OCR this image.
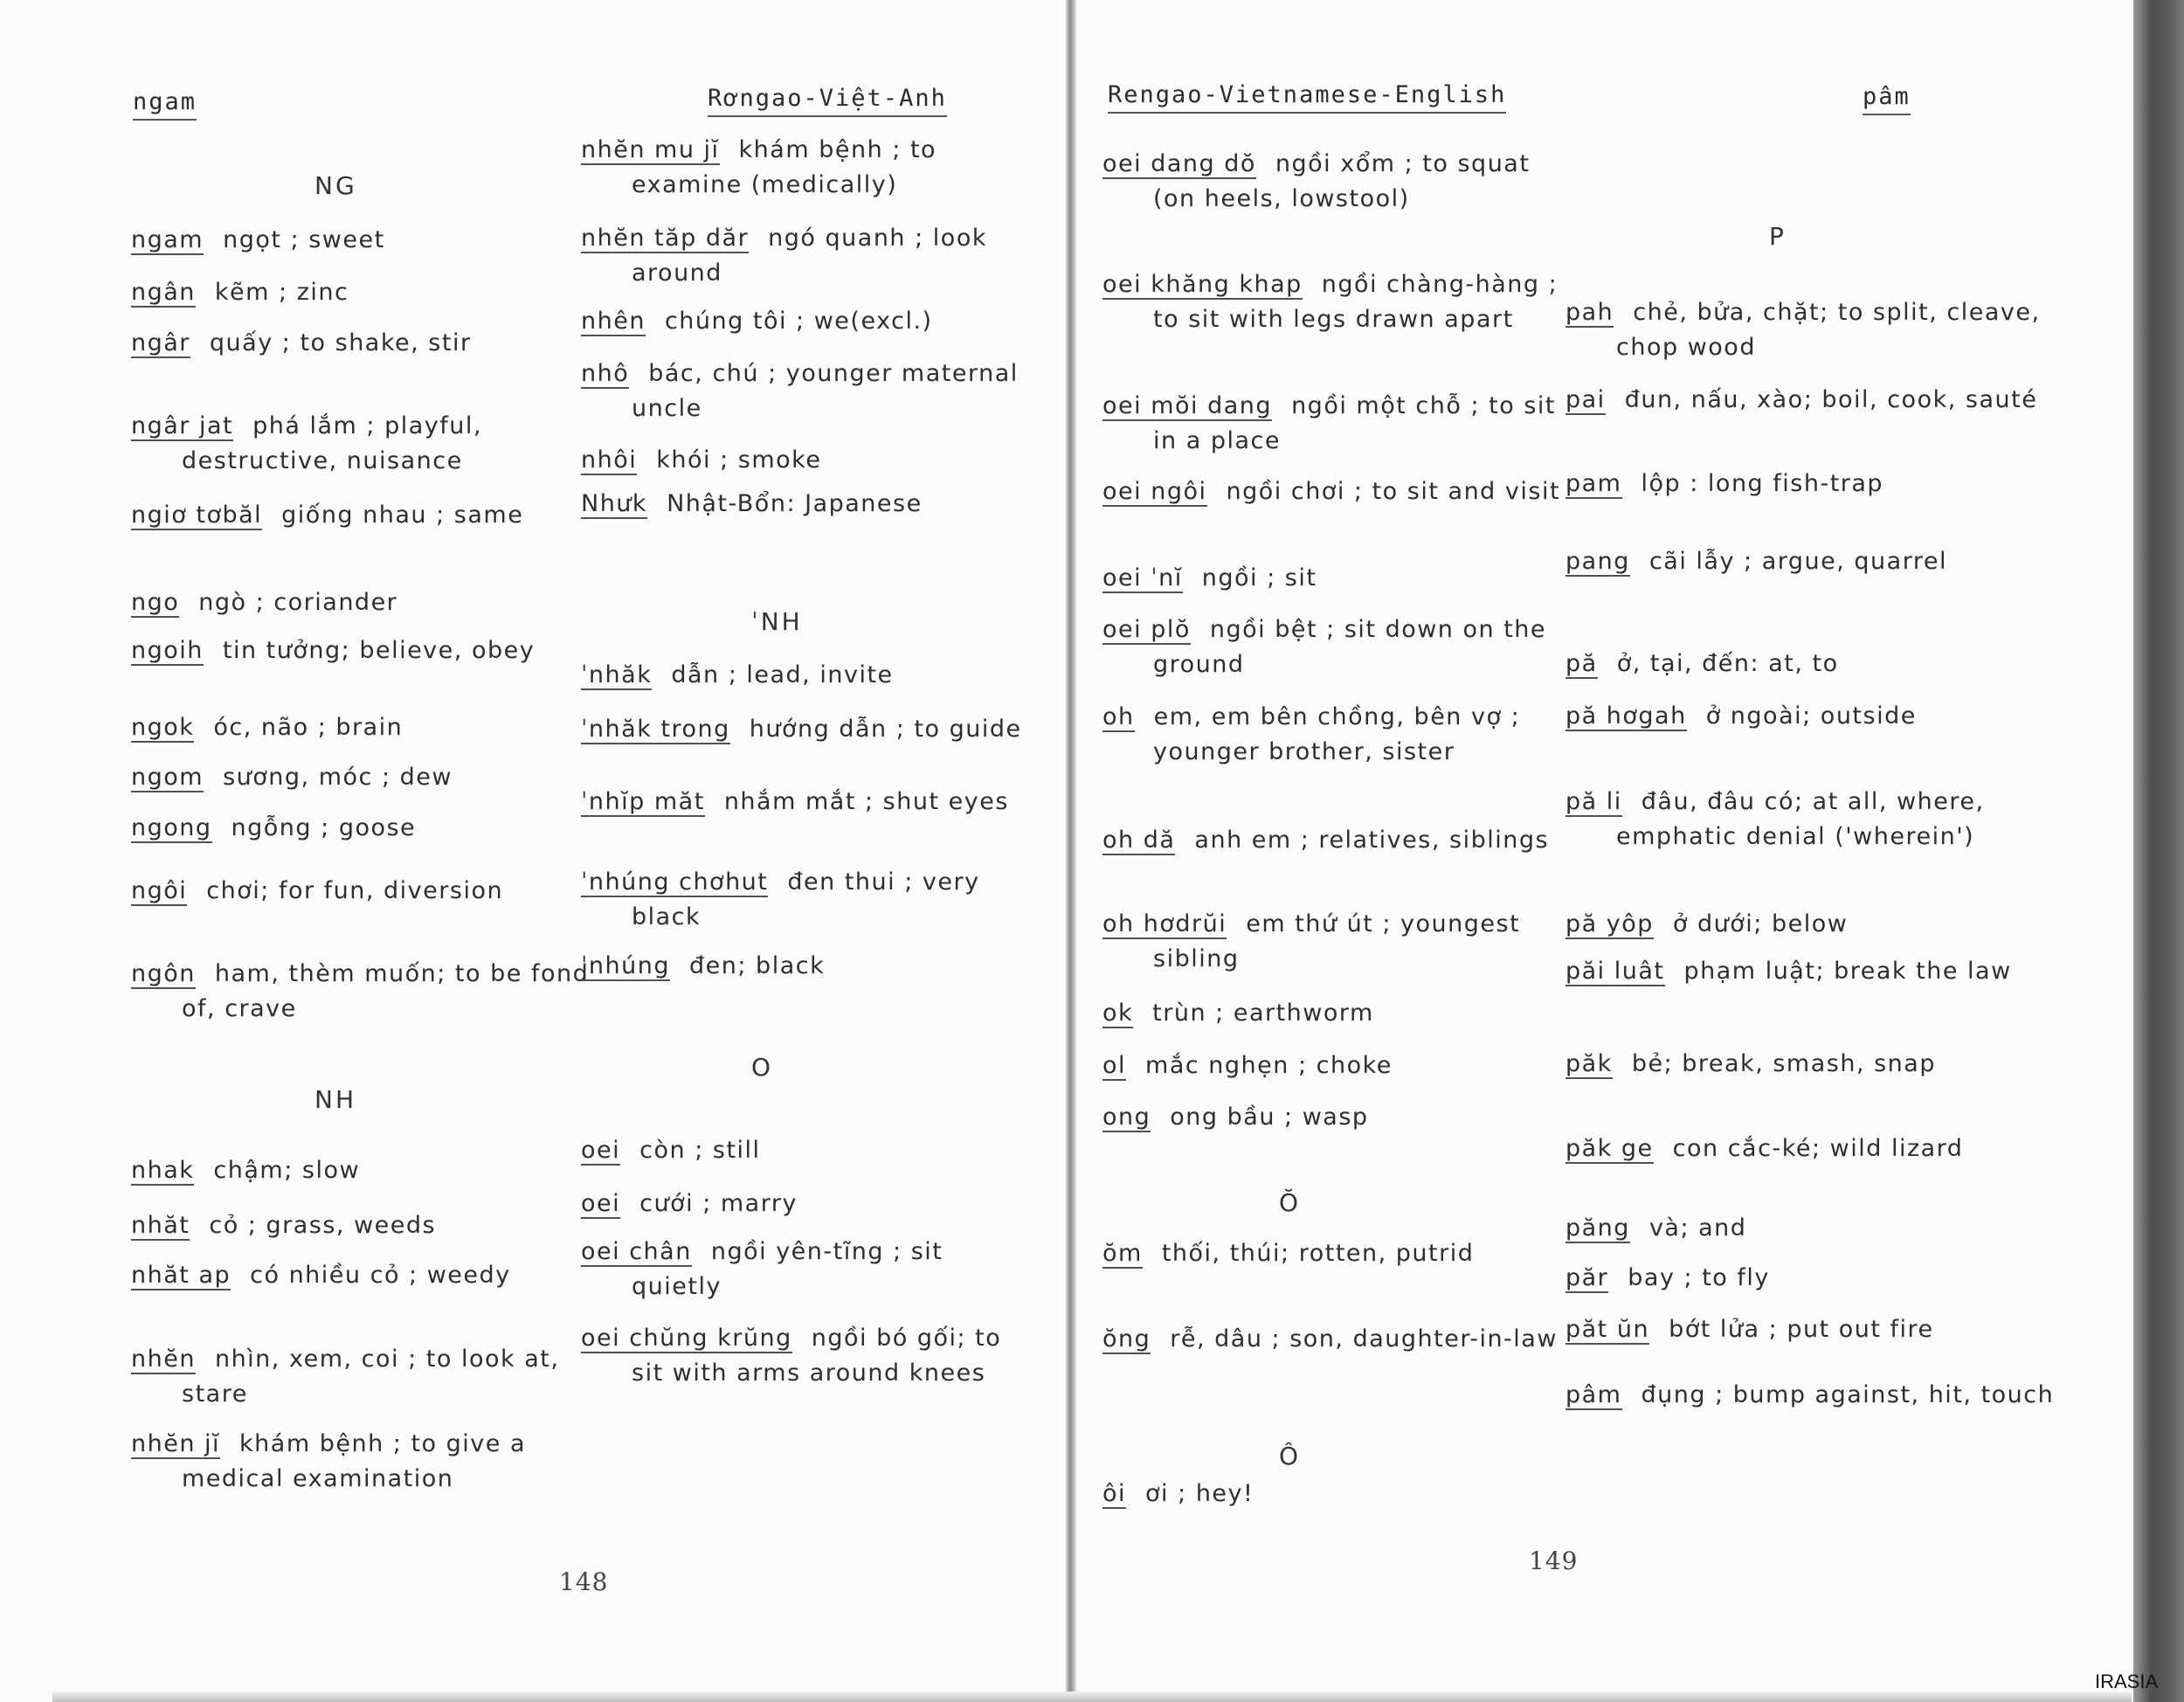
ngam	Rơngao-Việt-Anh
NG
ngam ngọt ; sweet
ngân kẽm ; zinc
ngâr quấy ; to shake, stir
ngâr jat phá lắm ; playful, destructive, nuisance
ngiơ tơbăl giống nhau ; same
ngo ngò ; coriander
ngoih tin tưởng; believe, obey
ngok óc, não ; brain
ngom sương, móc ; dew
ngong ngỗng ; goose
ngôi chơi; for fun, diversion
ngôn ham, thèm muốn; to be fond of, crave
NH
nhak chậm; slow
nhăt cỏ ; grass, weeds
nhăt ap có nhiều cỏ ; weedy
nhĕn nhìn, xem, coi ; to look at, stare
nhĕn jĭ khám bệnh ; to give a medical examination
nhĕn mu jĭ khám bệnh ; to examine (medically)
nhĕn tăp dăr ngó quanh ; look around
nhên chúng tôi ; we(excl.)
nhô bác, chú ; younger maternal uncle
nhôi khói ; smoke
Nhưk Nhật-Bổn: Japanese
ˈNH
ˈnhăk dẫn ; lead, invite
ˈnhăk trong hướng dẫn ; to guide
ˈnhĭp măt nhắm mắt ; shut eyes
ˈnhúng chơhut đen thui ; very black
ˈnhúng đen; black
O
oei còn ; still
oei cưới ; marry
oei chân ngồi yên-tĩng ; sit quietly
oei chŭng krŭng ngồi bó gối; to sit with arms around knees
148
Rengao-Vietnamese-English	pâm
oei dang dŏ ngồi xổm ; to squat (on heels, lowstool)
oei khăng khap ngồi chàng-hàng ; to sit with legs drawn apart
oei mŏi dang ngồi một chỗ ; to sit in a place
oei ngôi ngồi chơi ; to sit and visit
oei ˈnĭ ngồi ; sit
oei plŏ ngồi bệt ; sit down on the ground
oh em, em bên chồng, bên vợ ; younger brother, sister
oh dă anh em ; relatives, siblings
oh hơdrŭi em thứ út ; youngest sibling
ok trùn ; earthworm
ol mắc nghẹn ; choke
ong ong bầu ; wasp
Ŏ
ŏm thối, thúi; rotten, putrid
ŏng rễ, dâu ; son, daughter-in-law
Ô
ôi ơi ; hey!
P
pah chẻ, bửa, chặt; to split, cleave, chop wood
pai đun, nấu, xào; boil, cook, sauté
pam lộp : long fish-trap
pang cãi lẫy ; argue, quarrel
pă ở, tại, đến: at, to
pă hơgah ở ngoài; outside
pă li đâu, đâu có; at all, where, emphatic denial ('wherein')
pă yôp ở dưới; below
păi luât phạm luật; break the law
păk bẻ; break, smash, snap
păk ge con cắc-ké; wild lizard
păng và; and
păr bay ; to fly
păt ŭn bớt lửa ; put out fire
pâm đụng ; bump against, hit, touch
149
IRASIA
